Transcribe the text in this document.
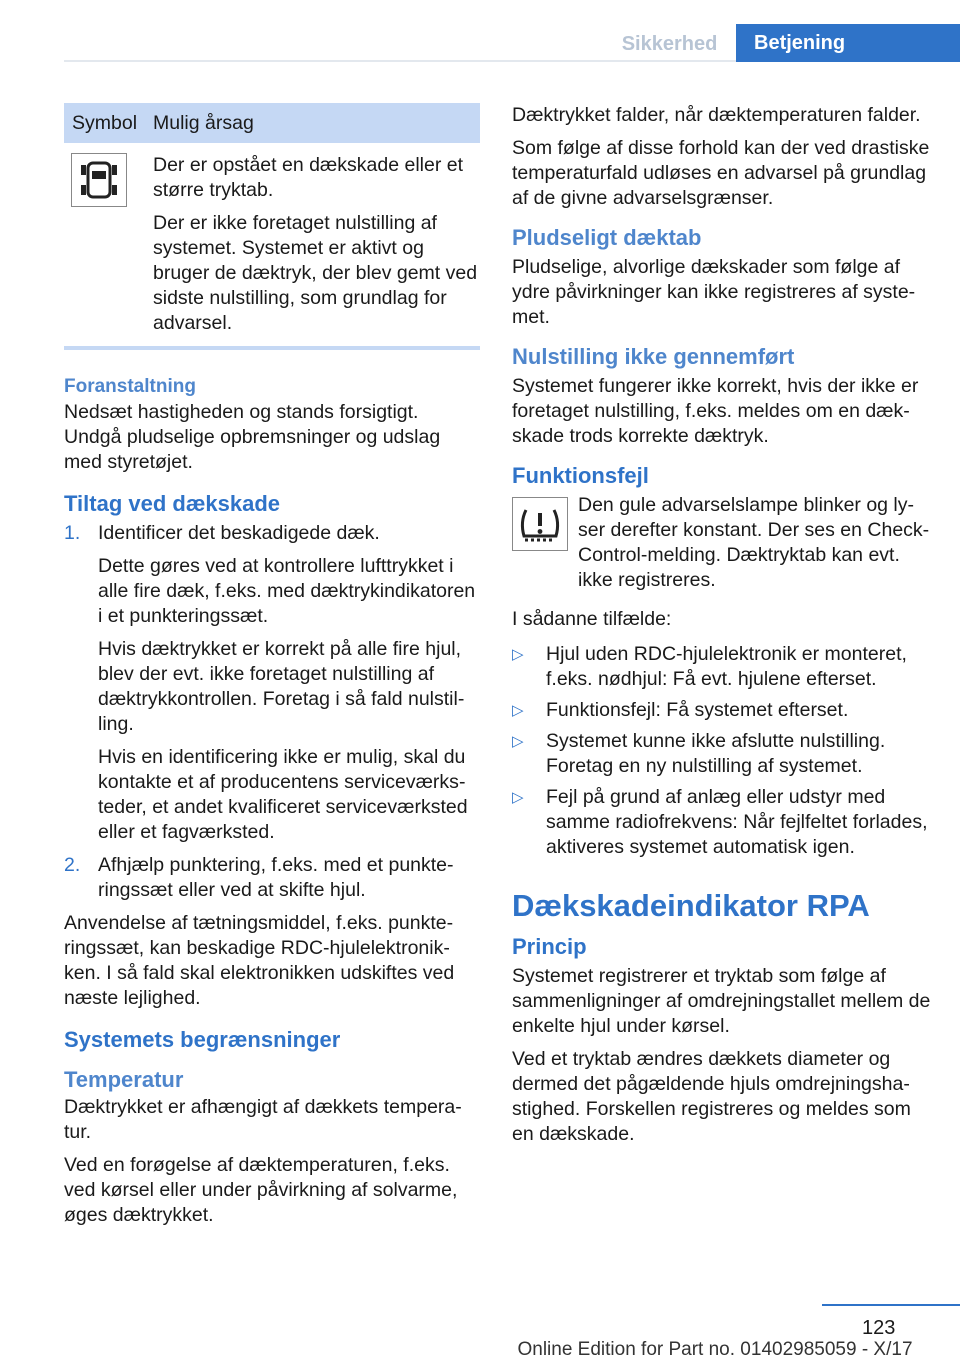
Sikkerhed	Betjening
Symbol Mulig årsag

Der er opstået en dækskade eller et større tryktab.

Der er ikke foretaget nulstilling af systemet. Systemet er aktivt og bruger de dæktryk, der blev gemt ved sidste nulstilling, som grundlag for advarsel.

Foranstaltning

Nedsæt hastigheden og stands forsigtigt. Undgå pludselige opbremsninger og udslag med styretøjet.

Tiltag ved dækskade
1. Identificer det beskadigede dæk.

Dette gøres ved at kontrollere lufttrykket i alle fire dæk, f.eks. med dæktrykindikatoren i et punkteringssæt.

Hvis dæktrykket er korrekt på alle fire hjul, blev der evt. ikke foretaget nulstilling af dæktrykkontrollen. Foretag i så fald nulstilling.

Hvis en identificering ikke er mulig, skal du kontakte et af producentens serviceværksteder, et andet kvalificeret serviceværksted eller et fagværksted.

2. Afhjælp punktering, f.eks. med et punkteringssæt eller ved at skifte hjul.

Anvendelse af tætningsmiddel, f.eks. punkteringssæt, kan beskadige RDC-hjulelektronikken. I så fald skal elektronikken udskiftes ved næste lejlighed.

Systemets begrænsninger
Temperatur

Dæktrykket er afhængigt af dækkets temperatur.

Ved en forøgelse af dæktemperaturen, f.eks. ved kørsel eller under påvirkning af solvarme, øges dæktrykket.

Dæktrykket falder, når dæktemperaturen falder.

Som følge af disse forhold kan der ved drastiske temperaturfald udløses en advarsel på grundlag af de givne advarselsgrænser.

Pludseligt dæktab

Pludselige, alvorlige dækskader som følge af ydre påvirkninger kan ikke registreres af systemet.

Nulstilling ikke gennemført

Systemet fungerer ikke korrekt, hvis der ikke er foretaget nulstilling, f.eks. meldes om en dækskade trods korrekte dæktryk.

Funktionsfejl

Den gule advarselslampe blinker og lyser derefter konstant. Der ses en Check-Control-melding. Dæktryktab kan evt. ikke registreres.

I sådanne tilfælde:

▷	Hjul uden RDC-hjulelektronik er monteret, f.eks. nødhjul: Få evt. hjulene efterset.
▷	Funktionsfejl: Få systemet efterset.
▷	Systemet kunne ikke afslutte nulstilling. Foretag en ny nulstilling af systemet.
▷	Fejl på grund af anlæg eller udstyr med samme radiofrekvens: Når fejlfeltet forlades, aktiveres systemet automatisk igen.
Dækskadeindikator RPA
Princip

Systemet registrerer et tryktab som følge af sammenligninger af omdrejningstallet mellem de enkelte hjul under kørsel.

Ved et tryktab ændres dækkets diameter og dermed det pågældende hjuls omdrejningshastighed. Forskellen registreres og meldes som en dækskade.

123
Online Edition for Part no. 01402985059 - X/17
